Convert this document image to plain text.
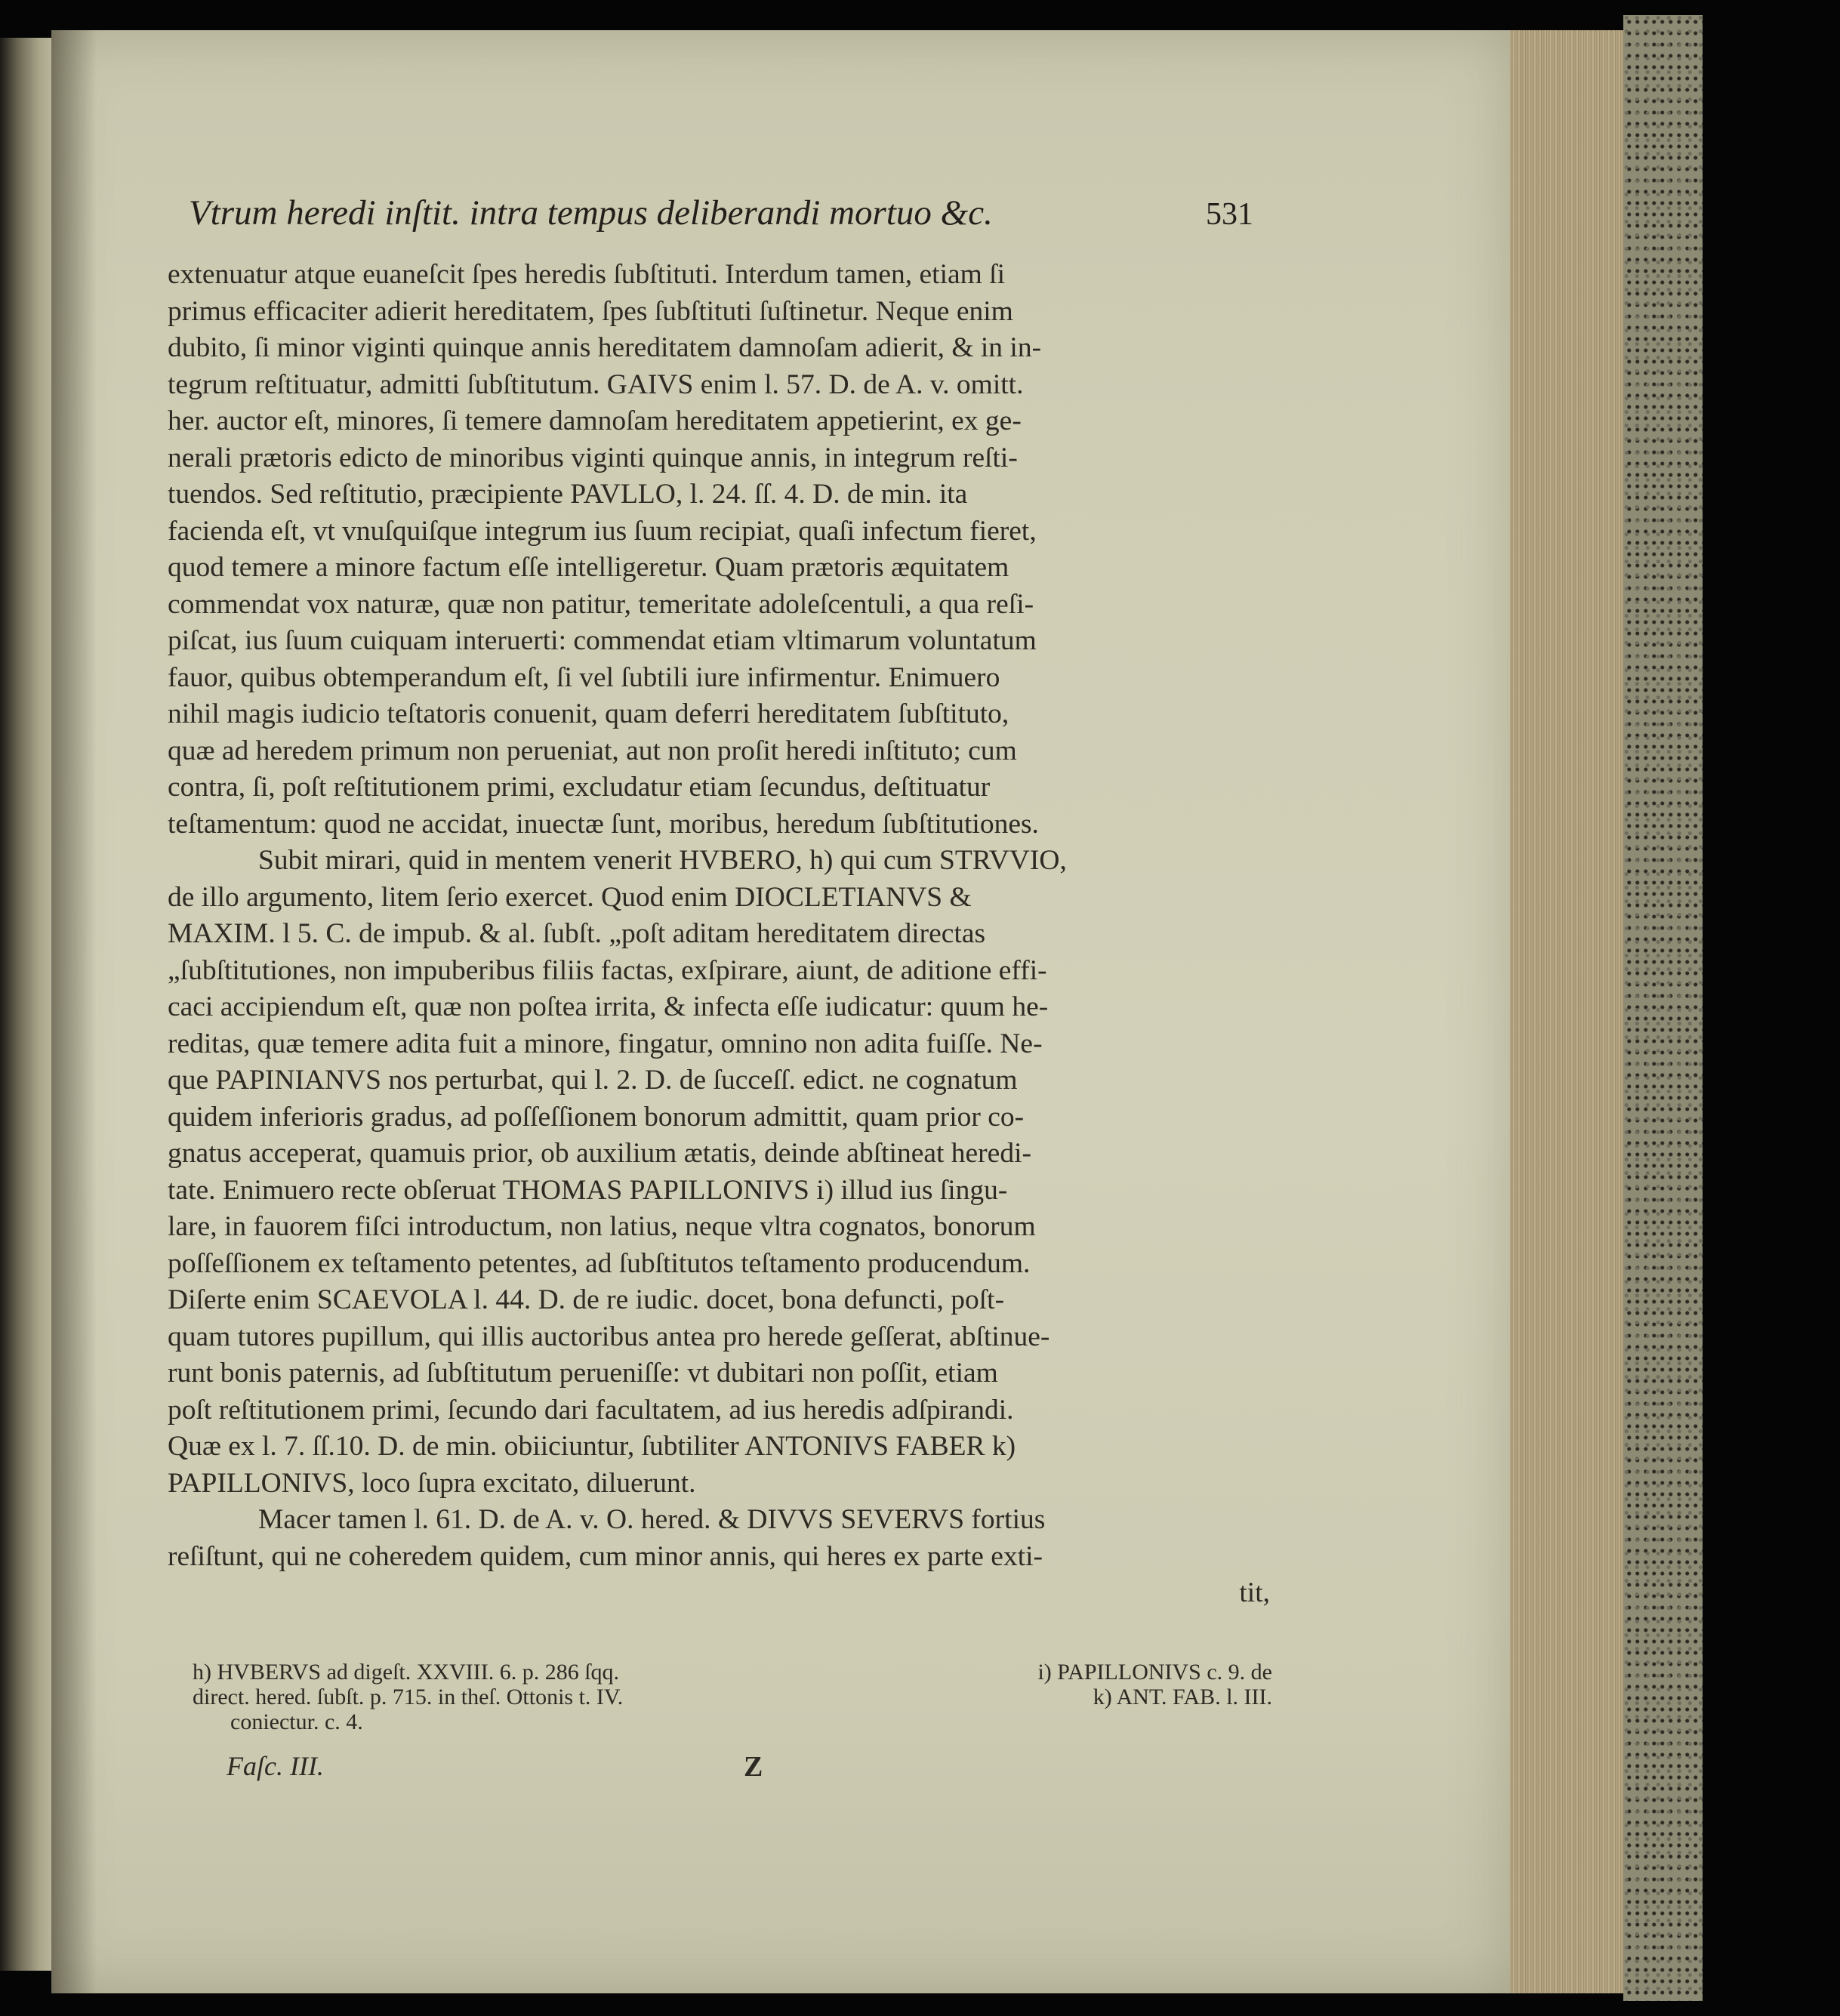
Vtrum heredi inſtit. intra tempus deliberandi mortuo &c.	531
extenuatur atque euaneſcit ſpes heredis ſubſtituti. Interdum tamen, etiam ſi
primus efficaciter adierit hereditatem, ſpes ſubſtituti ſuſtinetur. Neque enim
dubito, ſi minor viginti quinque annis hereditatem damnoſam adierit, & in in-
tegrum reſtituatur, admitti ſubſtitutum. GAIVS enim l. 57. D. de A. v. omitt.
her. auctor eſt, minores, ſi temere damnoſam hereditatem appetierint, ex ge-
nerali prætoris edicto de minoribus viginti quinque annis, in integrum reſti-
tuendos. Sed reſtitutio, præcipiente PAVLLO, l. 24. ſſ. 4. D. de min. ita
facienda eſt, vt vnuſquiſque integrum ius ſuum recipiat, quaſi infectum fieret,
quod temere a minore factum eſſe intelligeretur. Quam prætoris æquitatem
commendat vox naturæ, quæ non patitur, temeritate adoleſcentuli, a qua reſi-
piſcat, ius ſuum cuiquam interuerti: commendat etiam vltimarum voluntatum
fauor, quibus obtemperandum eſt, ſi vel ſubtili iure infirmentur. Enimuero
nihil magis iudicio teſtatoris conuenit, quam deferri hereditatem ſubſtituto,
quæ ad heredem primum non perueniat, aut non proſit heredi inſtituto; cum
contra, ſi, poſt reſtitutionem primi, excludatur etiam ſecundus, deſtituatur
teſtamentum: quod ne accidat, inuectæ ſunt, moribus, heredum ſubſtitutiones.
Subit mirari, quid in mentem venerit HVBERO, h) qui cum STRVVIO,
de illo argumento, litem ſerio exercet. Quod enim DIOCLETIANVS &
MAXIM. l 5. C. de impub. & al. ſubſt. „poſt aditam hereditatem directas
„ſubſtitutiones, non impuberibus filiis factas, exſpirare, aiunt, de aditione effi-
caci accipiendum eſt, quæ non poſtea irrita, & infecta eſſe iudicatur: quum he-
reditas, quæ temere adita fuit a minore, fingatur, omnino non adita fuiſſe. Ne-
que PAPINIANVS nos perturbat, qui l. 2. D. de ſucceſſ. edict. ne cognatum
quidem inferioris gradus, ad poſſeſſionem bonorum admittit, quam prior co-
gnatus acceperat, quamuis prior, ob auxilium ætatis, deinde abſtineat heredi-
tate. Enimuero recte obſeruat THOMAS PAPILLONIVS i) illud ius ſingu-
lare, in fauorem fiſci introductum, non latius, neque vltra cognatos, bonorum
poſſeſſionem ex teſtamento petentes, ad ſubſtitutos teſtamento producendum.
Diſerte enim SCAEVOLA l. 44. D. de re iudic. docet, bona defuncti, poſt-
quam tutores pupillum, qui illis auctoribus antea pro herede geſſerat, abſtinue-
runt bonis paternis, ad ſubſtitutum perueniſſe: vt dubitari non poſſit, etiam
poſt reſtitutionem primi, ſecundo dari facultatem, ad ius heredis adſpirandi.
Quæ ex l. 7. ſſ.10. D. de min. obiiciuntur, ſubtiliter ANTONIVS FABER k)
PAPILLONIVS, loco ſupra excitato, diluerunt.
Macer tamen l. 61. D. de A. v. O. hered. & DIVVS SEVERVS fortius
reſiſtunt, qui ne coheredem quidem, cum minor annis, qui heres ex parte exti-
tit,
h) HVBERVS ad digeſt. XXVIII. 6. p. 286 ſqq.	i) PAPILLONIVS c. 9. de
direct. hered. ſubſt. p. 715. in theſ. Ottonis t. IV.	k) ANT. FAB. l. III.
coniectur. c. 4.
Faſc. III.	Z
